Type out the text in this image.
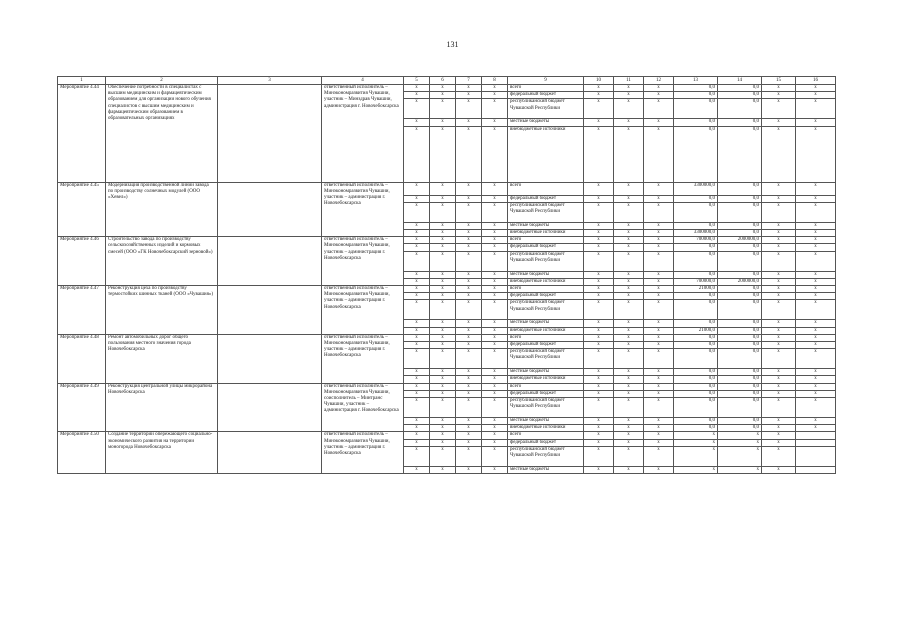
131
1	2	3	4	5	6	7	8	9	10	11	12	13	14	15	16
Мероприятие 4.44	Обеспечение потребности в специалистах с высшим медицинским и фармацевтическим образованием для организации нового обучения специалистов с высшим медицинским и фармацевтическим образованием в образовательных организациях		ответственный исполнитель – Минэкономразвития Чувашии, участник – Минздрав Чувашии, администрация г. Новочебоксарска	x	x	x	x	всего	x	x	x	0,0	0,0	x	x
				x	x	x	x	федеральный бюджет	x	x	x	0,0	0,0	x	x
				x	x	x	x	республиканский бюджет Чувашской Республики	x	x	x	0,0	0,0	x	x
				x	x	x	x	местные бюджеты	x	x	x	0,0	0,0	x	x
				x	x	x	x	внебюджетные источники	x	x	x	0,0	0,0	x	x
Мероприятие 4.45	Модернизация производственной линии завода по производству солнечных модулей (ООО «Хевел»)		ответственный исполнитель – Минэкономразвития Чувашии, участник – администрация г. Новочебоксарска	x	x	x	x	всего	x	x	x	3300000,0	0,0	x	x
				x	x	x	x	федеральный бюджет	x	x	x	0,0	0,0	x	x
				x	x	x	x	республиканский бюджет Чувашской Республики	x	x	x	0,0	0,0	x	x
				x	x	x	x	местные бюджеты	x	x	x	0,0	0,0	x	x
				x	x	x	x	внебюджетные источники	x	x	x	3300000,0	0,0	x	x
Мероприятие 4.46	Строительство завода по производству сельскохозяйственных изделий и кормовых смесей (ООО «ГК Новочебоксарский зерновой»)		ответственный исполнитель – Минэкономразвития Чувашии, участник – администрация г. Новочебоксарска	x	x	x	x	всего	x	x	x	700000,0	2000000,0	x	x
				x	x	x	x	федеральный бюджет	x	x	x	0,0	0,0	x	x
				x	x	x	x	республиканский бюджет Чувашской Республики	x	x	x	0,0	0,0	x	x
				x	x	x	x	местные бюджеты	x	x	x	0,0	0,0	x	x
				x	x	x	x	внебюджетные источники	x	x	x	700000,0	2000000,0	x	x
Мероприятие 4.47	Реконструкция цеха по производству термостойких шинных тканей (ООО «Чувашия»)		ответственный исполнитель – Минэкономразвития Чувашии, участник – администрация г. Новочебоксарска	x	x	x	x	всего	x	x	x	21000,0	0,0	x	x
				x	x	x	x	федеральный бюджет	x	x	x	0,0	0,0	x	x
				x	x	x	x	республиканский бюджет Чувашской Республики	x	x	x	0,0	0,0	x	x
				x	x	x	x	местные бюджеты	x	x	x	0,0	0,0	x	x
				x	x	x	x	внебюджетные источники	x	x	x	21000,0	0,0	x	x
Мероприятие 4.48	Ремонт автомобильных дорог общего пользования местного значения города Новочебоксарска		ответственный исполнитель – Минэкономразвития Чувашии, участник – администрация г. Новочебоксарска	x	x	x	x	всего	x	x	x	0,0	0,0	x	x
				x	x	x	x	федеральный бюджет	x	x	x	0,0	0,0	x	x
				x	x	x	x	республиканский бюджет Чувашской Республики	x	x	x	0,0	0,0	x	x
				x	x	x	x	местные бюджеты	x	x	x	0,0	0,0	x	x
				x	x	x	x	внебюджетные источники	x	x	x	0,0	0,0	x	x
Мероприятие 4.49	Реконструкция центральной улицы микрорайона Новочебоксарска		ответственный исполнитель – Минэкономразвития Чувашии, соисполнитель – Минтранс Чувашии, участник – администрация г. Новочебоксарска	x	x	x	x	всего	x	x	x	0,0	0,0	x	x
				x	x	x	x	федеральный бюджет	x	x	x	0,0	0,0	x	x
				x	x	x	x	республиканский бюджет Чувашской Республики	x	x	x	0,0	0,0	x	x
				x	x	x	x	местные бюджеты	x	x	x	0,0	0,0	x	x
				x	x	x	x	внебюджетные источники	x	x	x	0,0	0,0	x	x
Мероприятие 4.50	Создание территории опережающего социально-экономического развития на территории моногорода Новочебоксарска		ответственный исполнитель – Минэкономразвития Чувашии, участник – администрация г. Новочебоксарска	x	x	x	x	всего	x	x	x	x	x	x	
				x	x	x	x	федеральный бюджет	x	x	x	x	x	x	
				x	x	x	x	республиканский бюджет Чувашской Республики	x	x	x	x	x	x	
				x	x	x	x	местные бюджеты	x	x	x	x	x	x	
